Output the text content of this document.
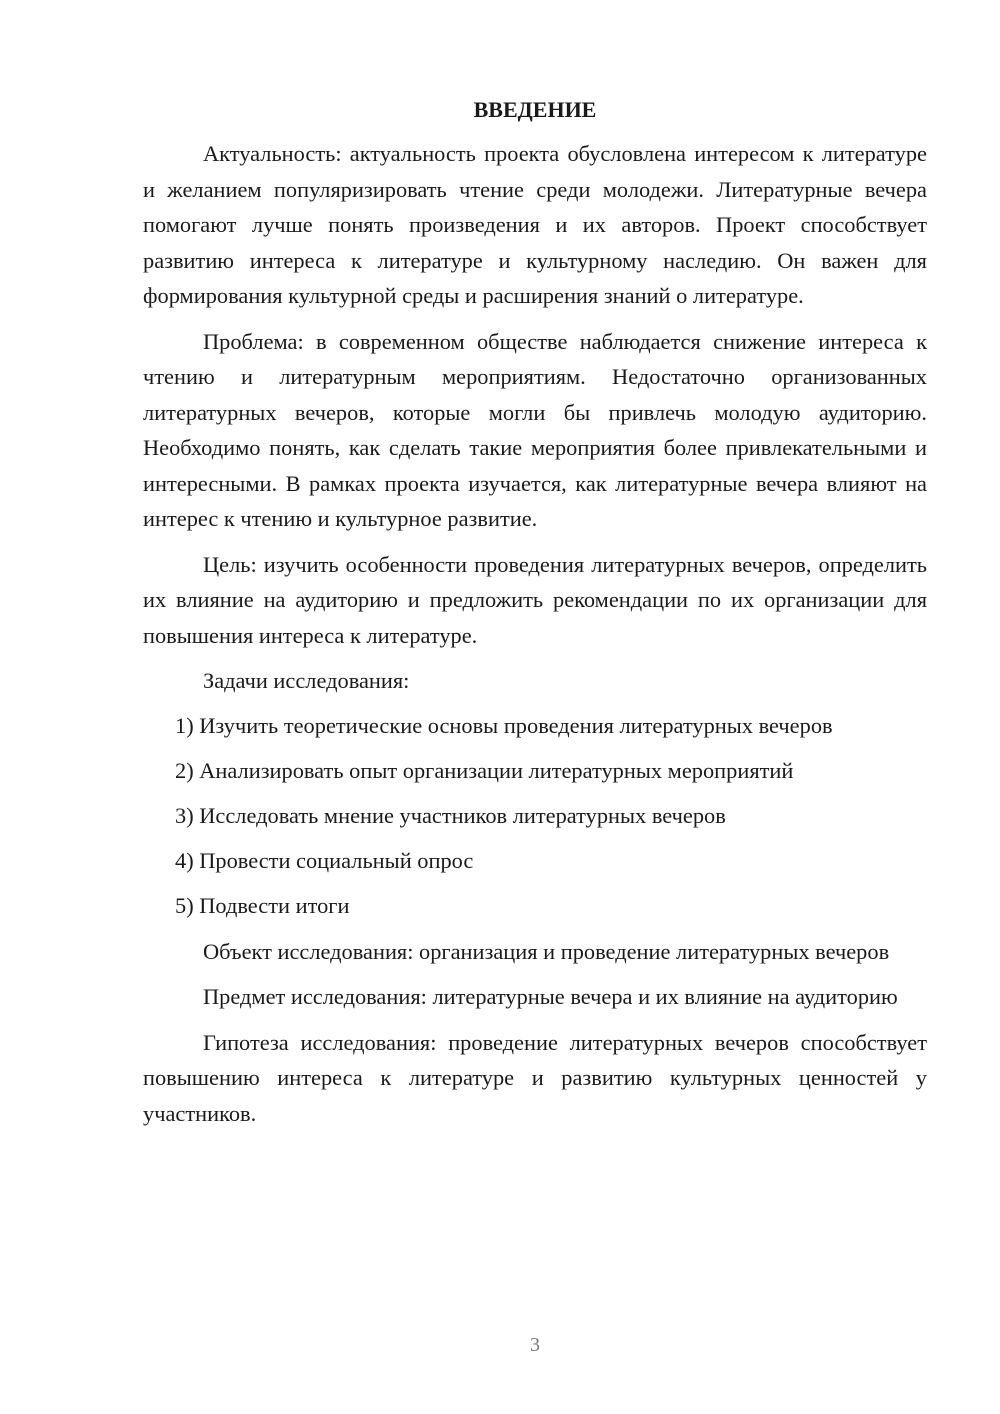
ВВЕДЕНИЕ

Актуальность: актуальность проекта обусловлена интересом к литературе и желанием популяризировать чтение среди молодежи. Литературные вечера помогают лучше понять произведения и их авторов. Проект способствует развитию интереса к литературе и культурному наследию. Он важен для формирования культурной среды и расширения знаний о литературе.

Проблема: в современном обществе наблюдается снижение интереса к чтению и литературным мероприятиям. Недостаточно организованных литературных вечеров, которые могли бы привлечь молодую аудиторию. Необходимо понять, как сделать такие мероприятия более привлекательными и интересными. В рамках проекта изучается, как литературные вечера влияют на интерес к чтению и культурное развитие.

Цель: изучить особенности проведения литературных вечеров, определить их влияние на аудиторию и предложить рекомендации по их организации для повышения интереса к литературе.

Задачи исследования:
1) Изучить теоретические основы проведения литературных вечеров
2) Анализировать опыт организации литературных мероприятий
3) Исследовать мнение участников литературных вечеров
4) Провести социальный опрос
5) Подвести итоги

Объект исследования: организация и проведение литературных вечеров

Предмет исследования: литературные вечера и их влияние на аудиторию

Гипотеза исследования: проведение литературных вечеров способствует повышению интереса к литературе и развитию культурных ценностей у участников.

3
